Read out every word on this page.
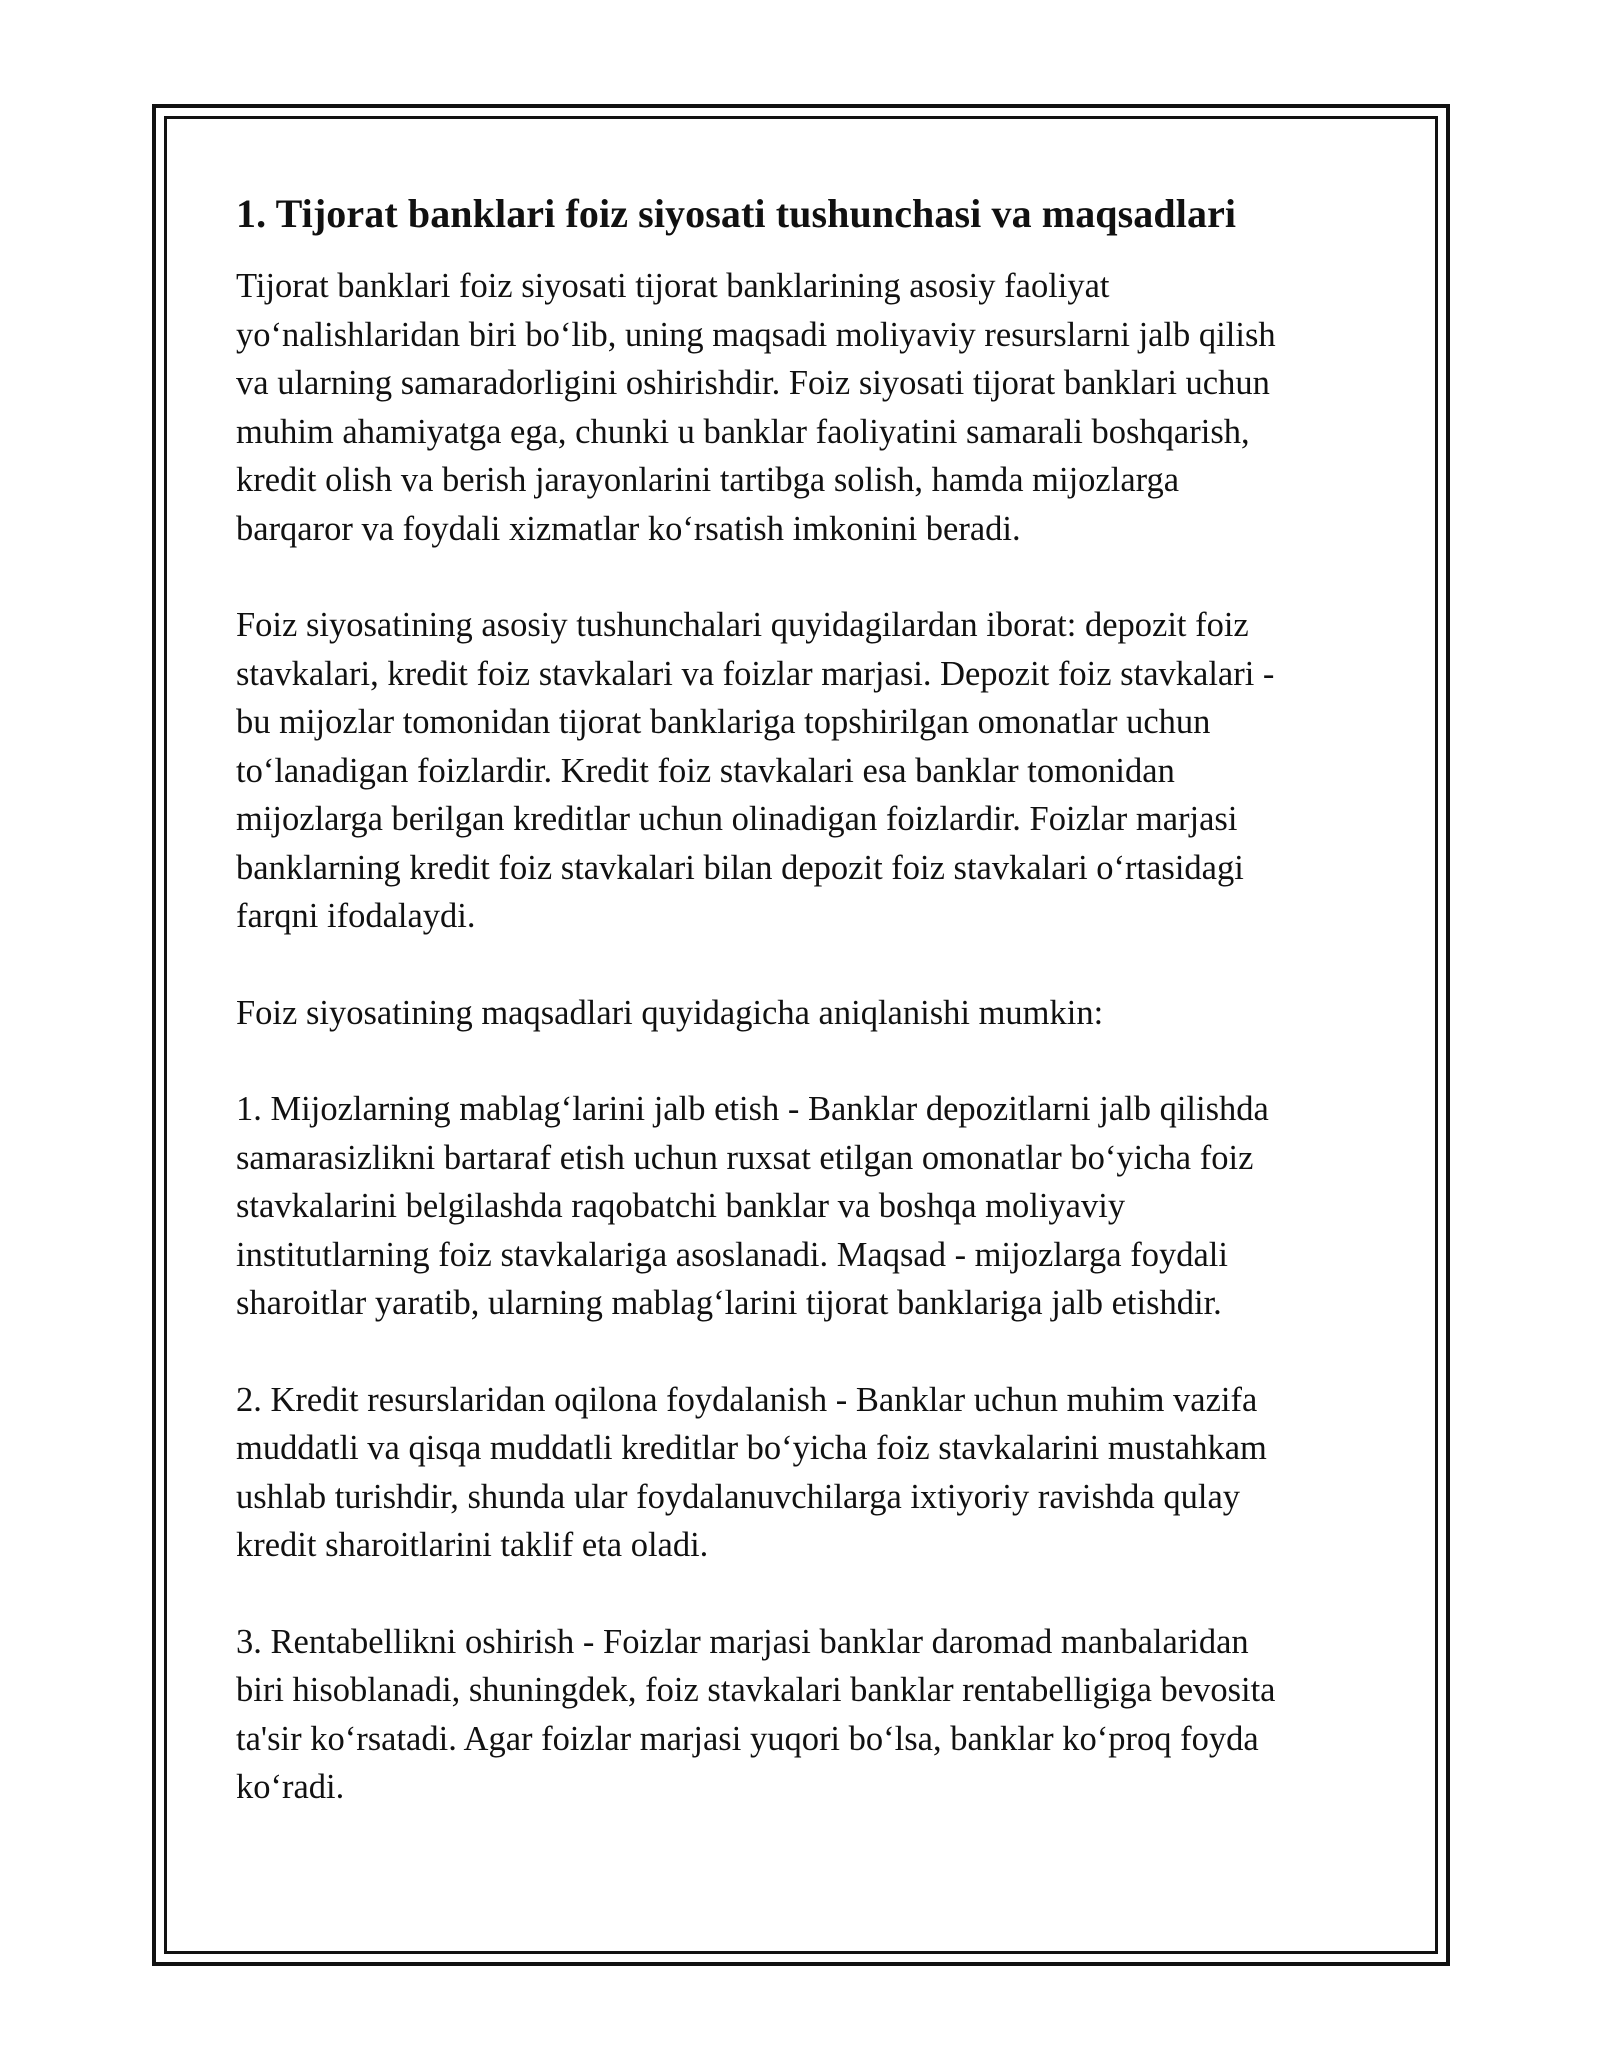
1. Tijorat banklari foiz siyosati tushunchasi va maqsadlari

Tijorat banklari foiz siyosati tijorat banklarining asosiy faoliyat
yo‘nalishlaridan biri bo‘lib, uning maqsadi moliyaviy resurslarni jalb qilish
va ularning samaradorligini oshirishdir. Foiz siyosati tijorat banklari uchun
muhim ahamiyatga ega, chunki u banklar faoliyatini samarali boshqarish,
kredit olish va berish jarayonlarini tartibga solish, hamda mijozlarga
barqaror va foydali xizmatlar ko‘rsatish imkonini beradi.

Foiz siyosatining asosiy tushunchalari quyidagilardan iborat: depozit foiz
stavkalari, kredit foiz stavkalari va foizlar marjasi. Depozit foiz stavkalari -
bu mijozlar tomonidan tijorat banklariga topshirilgan omonatlar uchun
to‘lanadigan foizlardir. Kredit foiz stavkalari esa banklar tomonidan
mijozlarga berilgan kreditlar uchun olinadigan foizlardir. Foizlar marjasi
banklarning kredit foiz stavkalari bilan depozit foiz stavkalari o‘rtasidagi
farqni ifodalaydi.

Foiz siyosatining maqsadlari quyidagicha aniqlanishi mumkin:

1. Mijozlarning mablag‘larini jalb etish - Banklar depozitlarni jalb qilishda
samarasizlikni bartaraf etish uchun ruxsat etilgan omonatlar bo‘yicha foiz
stavkalarini belgilashda raqobatchi banklar va boshqa moliyaviy
institutlarning foiz stavkalariga asoslanadi. Maqsad - mijozlarga foydali
sharoitlar yaratib, ularning mablag‘larini tijorat banklariga jalb etishdir.

2. Kredit resurslaridan oqilona foydalanish - Banklar uchun muhim vazifa
muddatli va qisqa muddatli kreditlar bo‘yicha foiz stavkalarini mustahkam
ushlab turishdir, shunda ular foydalanuvchilarga ixtiyoriy ravishda qulay
kredit sharoitlarini taklif eta oladi.

3. Rentabellikni oshirish - Foizlar marjasi banklar daromad manbalaridan
biri hisoblanadi, shuningdek, foiz stavkalari banklar rentabelligiga bevosita
ta'sir ko‘rsatadi. Agar foizlar marjasi yuqori bo‘lsa, banklar ko‘proq foyda
ko‘radi.
